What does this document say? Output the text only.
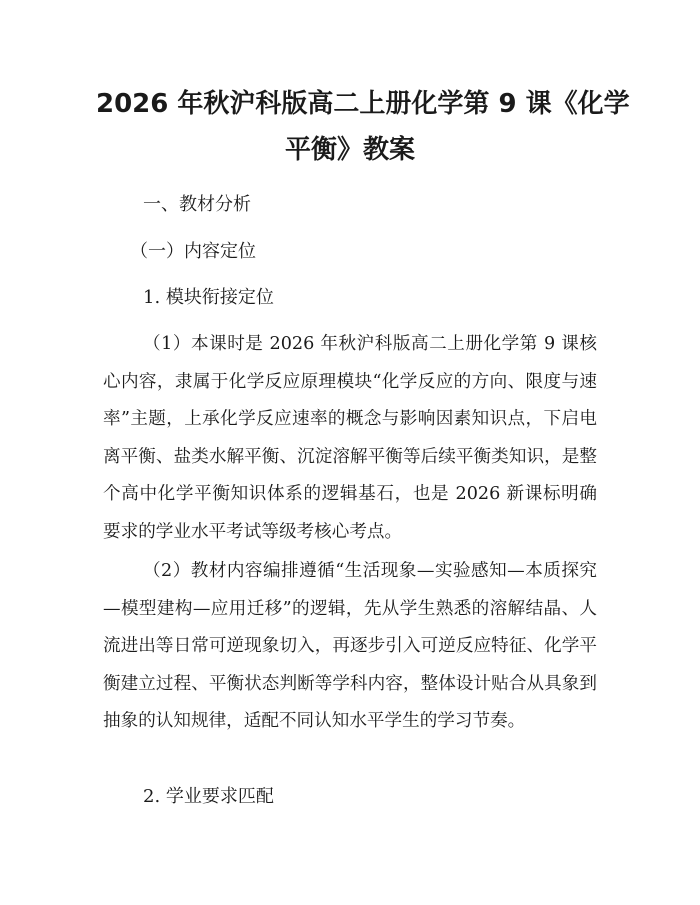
2026 年秋沪科版高二上册化学第 9 课《化学
平衡》教案

一、教材分析

（一）内容定位

1. 模块衔接定位

（1）本课时是 2026 年秋沪科版高二上册化学第 9 课核心内容，隶属于化学反应原理模块“化学反应的方向、限度与速率”主题，上承化学反应速率的概念与影响因素知识点，下启电离平衡、盐类水解平衡、沉淀溶解平衡等后续平衡类知识，是整个高中化学平衡知识体系的逻辑基石，也是 2026 新课标明确要求的学业水平考试等级考核心考点。

（2）教材内容编排遵循“生活现象—实验感知—本质探究—模型建构—应用迁移”的逻辑，先从学生熟悉的溶解结晶、人流进出等日常可逆现象切入，再逐步引入可逆反应特征、化学平衡建立过程、平衡状态判断等学科内容，整体设计贴合从具象到抽象的认知规律，适配不同认知水平学生的学习节奏。

2. 学业要求匹配
